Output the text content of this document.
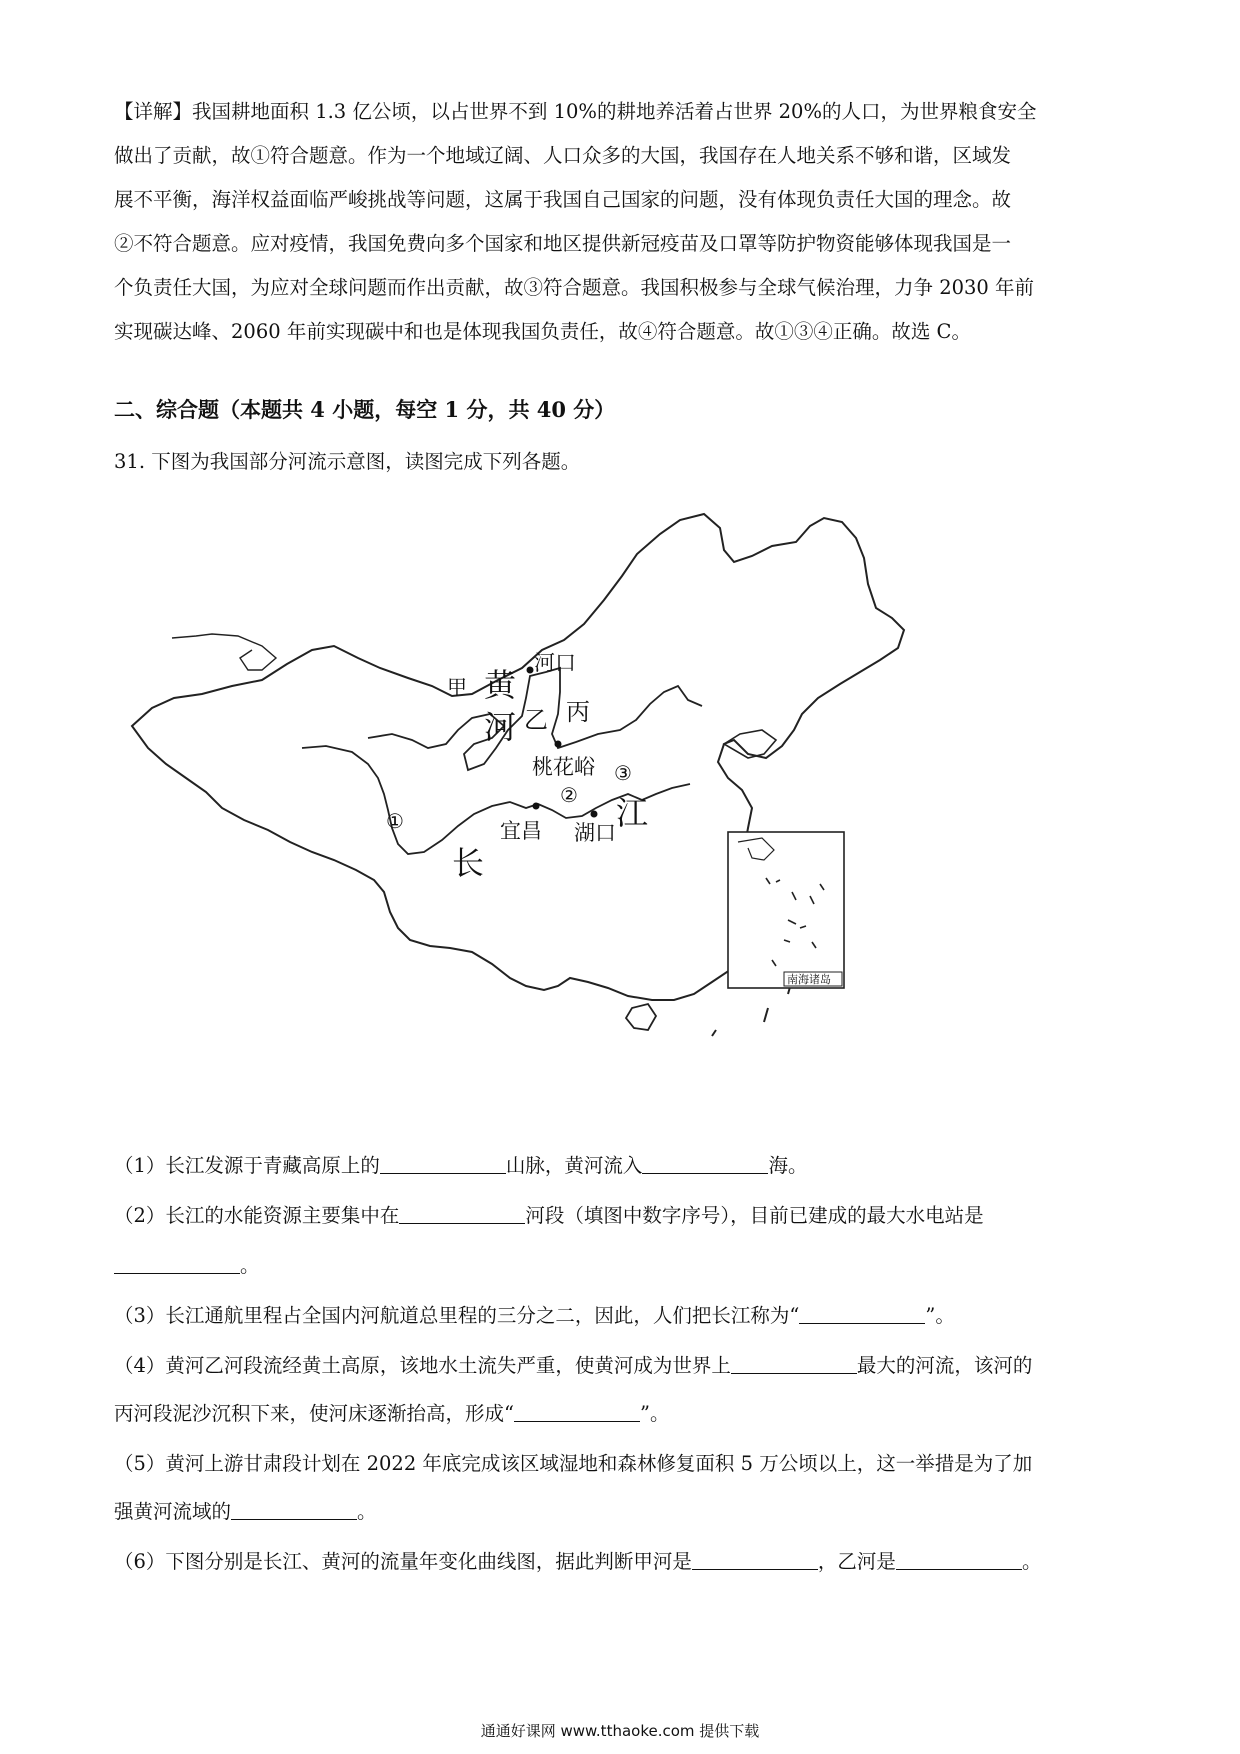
【详解】我国耕地面积 1.3 亿公顷，以占世界不到 10%的耕地养活着占世界 20%的人口，为世界粮食安全
做出了贡献，故①符合题意。作为一个地域辽阔、人口众多的大国，我国存在人地关系不够和谐，区域发
展不平衡，海洋权益面临严峻挑战等问题，这属于我国自己国家的问题，没有体现负责任大国的理念。故
②不符合题意。应对疫情，我国免费向多个国家和地区提供新冠疫苗及口罩等防护物资能够体现我国是一
个负责任大国，为应对全球问题而作出贡献，故③符合题意。我国积极参与全球气候治理，力争 2030 年前
实现碳达峰、2060 年前实现碳中和也是体现我国负责任，故④符合题意。故①③④正确。故选 C。
二、综合题（本题共 4 小题，每空 1 分，共 40 分）
31. 下图为我国部分河流示意图，读图完成下列各题。
甲 黄
河 乙 丙
河口
桃花峪
宜昌 湖口
长
江
①
②
③
南海诸岛
（1）长江发源于青藏高原上的	山脉，黄河流入	海。
（2）长江的水能资源主要集中在	河段（填图中数字序号），目前已建成的最大水电站是
。
（3）长江通航里程占全国内河航道总里程的三分之二，因此，人们把长江称为“	”。
（4）黄河乙河段流经黄土高原，该地水土流失严重，使黄河成为世界上	最大的河流，该河的
丙河段泥沙沉积下来，使河床逐渐抬高，形成“	”。
（5）黄河上游甘肃段计划在 2022 年底完成该区域湿地和森林修复面积 5 万公顷以上，这一举措是为了加
强黄河流域的	。
（6）下图分别是长江、黄河的流量年变化曲线图，据此判断甲河是	，乙河是	。
通通好课网 www.tthaoke.com 提供下载
